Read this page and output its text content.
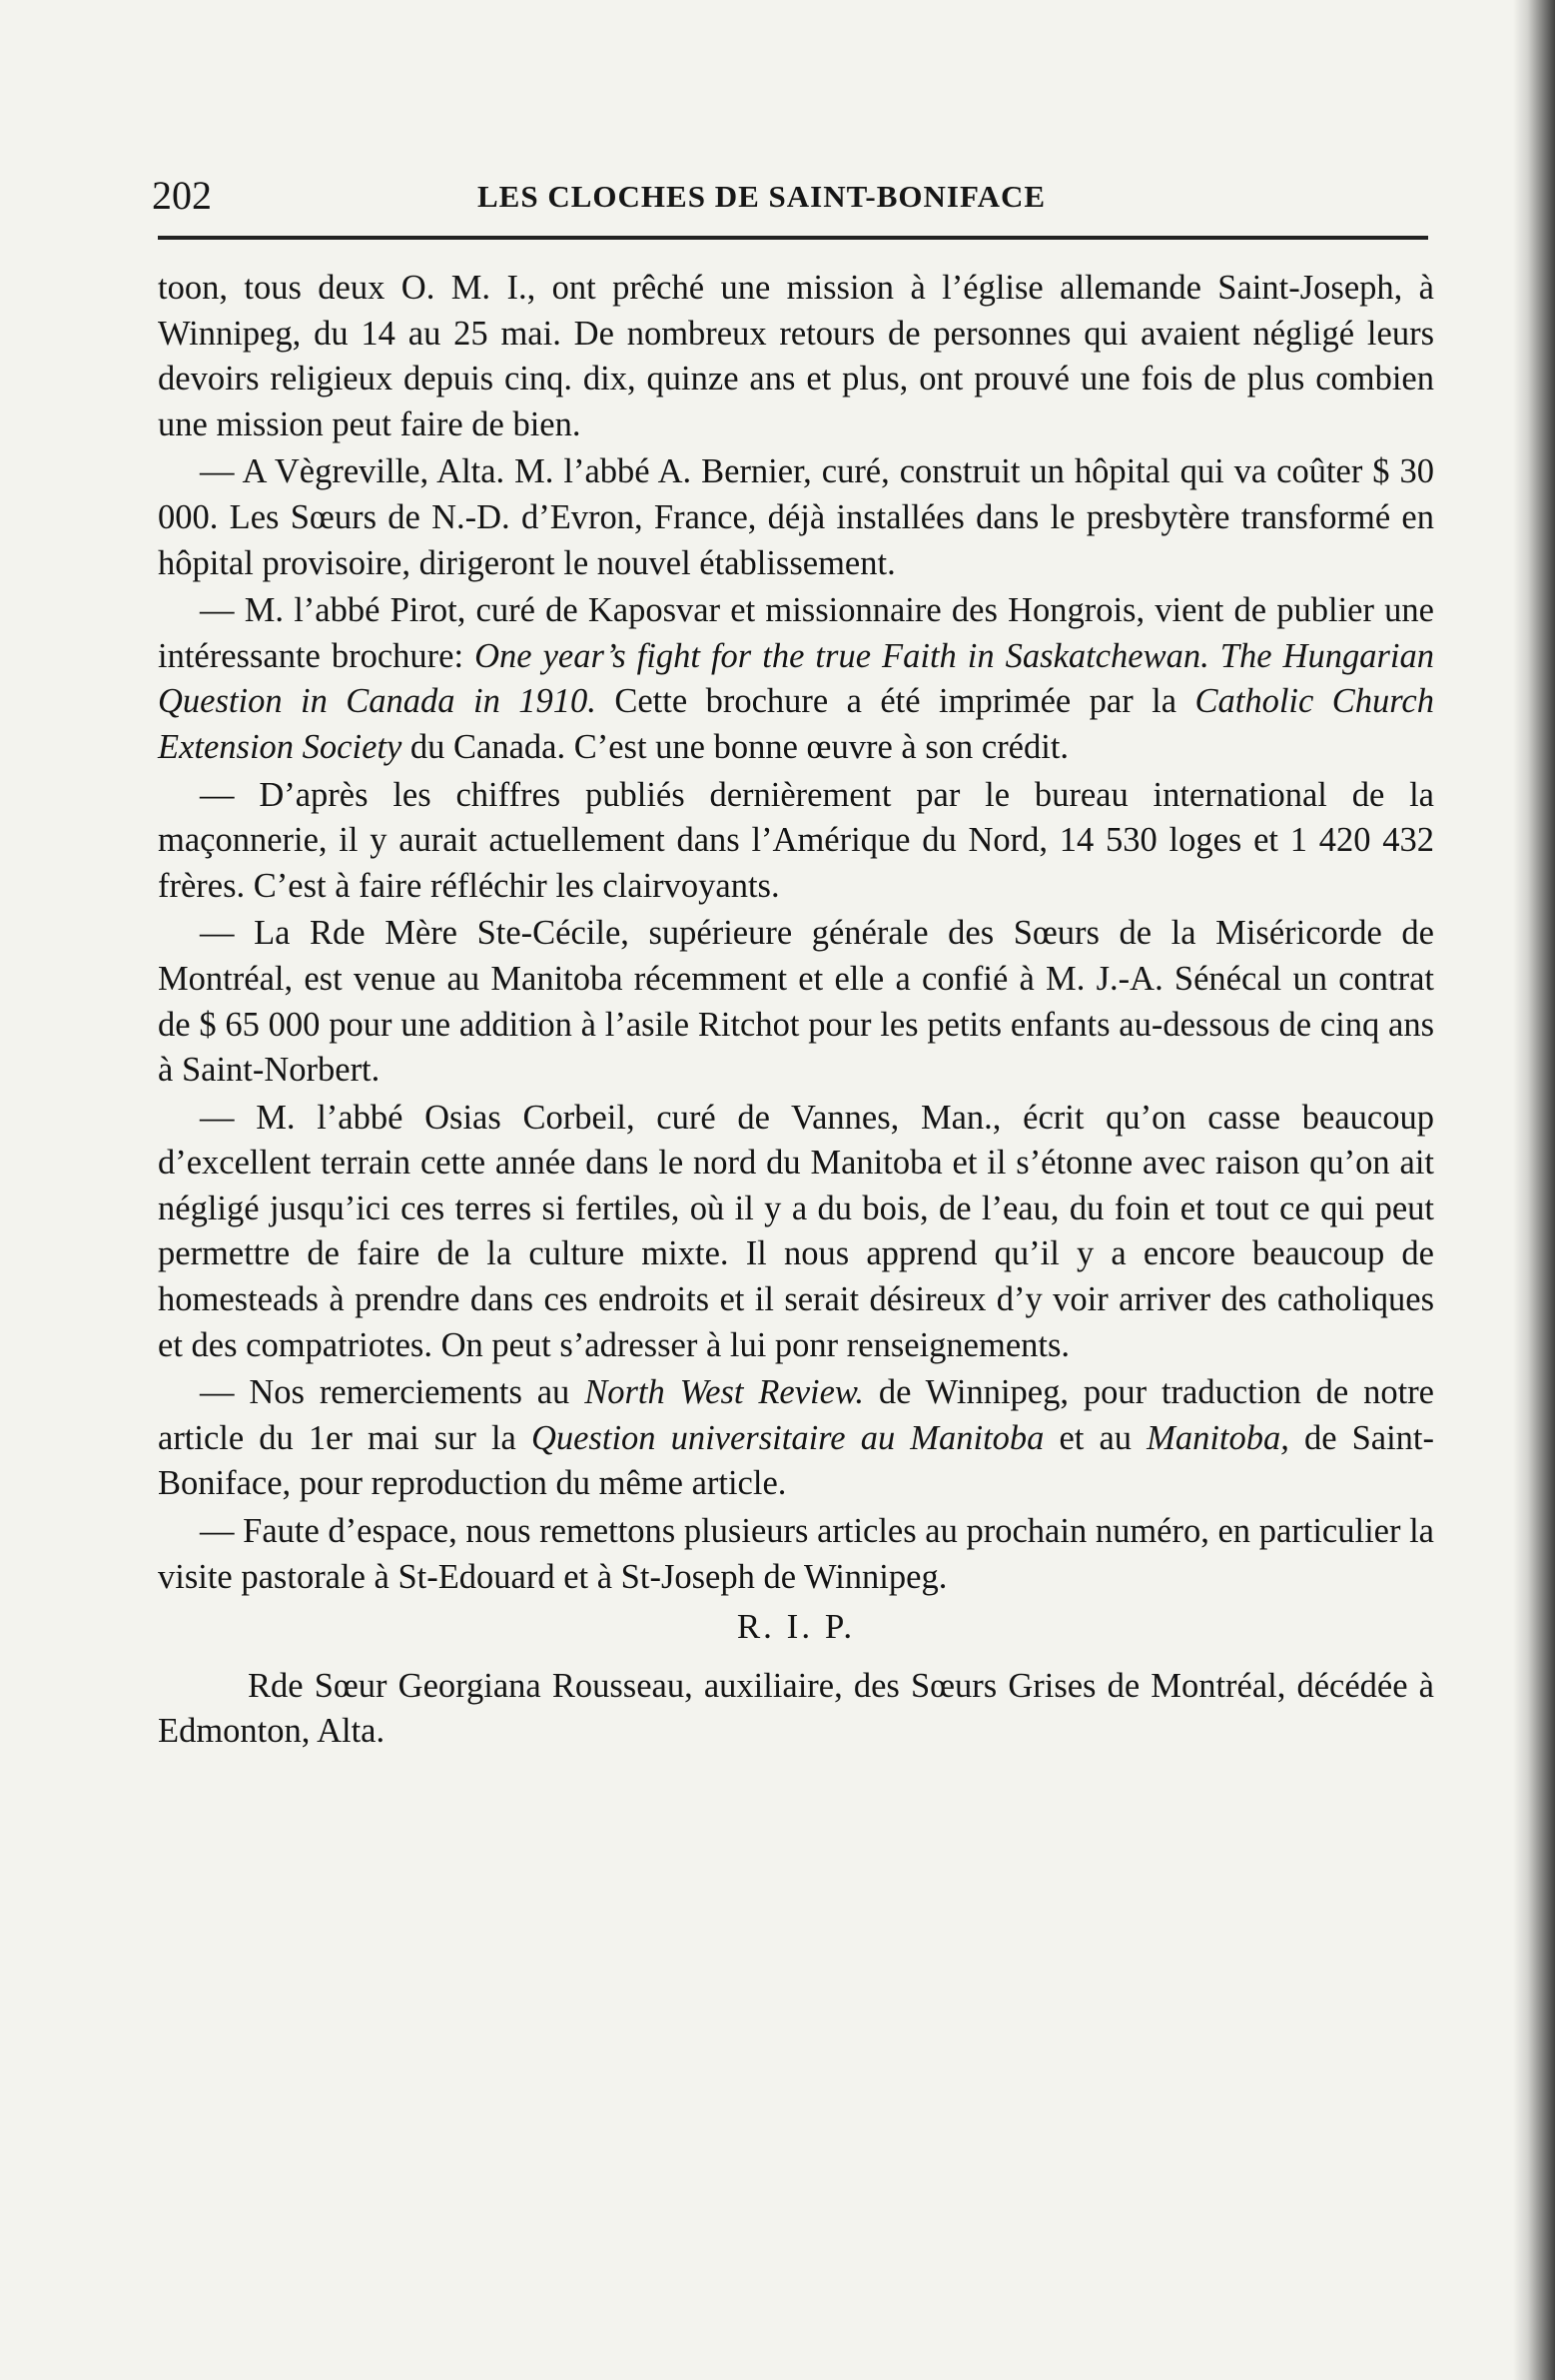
202	LES CLOCHES DE SAINT-BONIFACE

toon, tous deux O. M. I., ont prêché une mission à l’église allemande Saint-Joseph, à Winnipeg, du 14 au 25 mai. De nombreux retours de personnes qui avaient négligé leurs devoirs religieux depuis cinq. dix, quinze ans et plus, ont prouvé une fois de plus combien une mission peut faire de bien.

— A Vègreville, Alta. M. l’abbé A. Bernier, curé, construit un hôpital qui va coûter $ 30 000. Les Sœurs de N.-D. d’Evron, France, déjà installées dans le presbytère transformé en hôpital provisoire, dirigeront le nouvel établissement.

— M. l’abbé Pirot, curé de Kaposvar et missionnaire des Hongrois, vient de publier une intéressante brochure: One year’s fight for the true Faith in Saskatchewan. The Hungarian Question in Canada in 1910. Cette brochure a été imprimée par la Catholic Church Extension Society du Canada. C’est une bonne œuvre à son crédit.

— D’après les chiffres publiés dernièrement par le bureau international de la maçonnerie, il y aurait actuellement dans l’Amérique du Nord, 14 530 loges et 1 420 432 frères. C’est à faire réfléchir les clairvoyants.

— La Rde Mère Ste-Cécile, supérieure générale des Sœurs de la Miséricorde de Montréal, est venue au Manitoba récemment et elle a confié à M. J.-A. Sénécal un contrat de $ 65 000 pour une addition à l’asile Ritchot pour les petits enfants au-dessous de cinq ans à Saint-Norbert.

— M. l’abbé Osias Corbeil, curé de Vannes, Man., écrit qu’on casse beaucoup d’excellent terrain cette année dans le nord du Manitoba et il s’étonne avec raison qu’on ait négligé jusqu’ici ces terres si fertiles, où il y a du bois, de l’eau, du foin et tout ce qui peut permettre de faire de la culture mixte. Il nous apprend qu’il y a encore beaucoup de homesteads à prendre dans ces endroits et il serait désireux d’y voir arriver des catholiques et des compatriotes. On peut s’adresser à lui ponr renseignements.

— Nos remerciements au North West Review. de Winnipeg, pour traduction de notre article du 1er mai sur la Question universitaire au Manitoba et au Manitoba, de Saint-Boniface, pour reproduction du même article.

— Faute d’espace, nous remettons plusieurs articles au prochain numéro, en particulier la visite pastorale à St-Edouard et à St-Joseph de Winnipeg.

R. I. P.

Rde Sœur Georgiana Rousseau, auxiliaire, des Sœurs Grises de Montréal, décédée à Edmonton, Alta.
